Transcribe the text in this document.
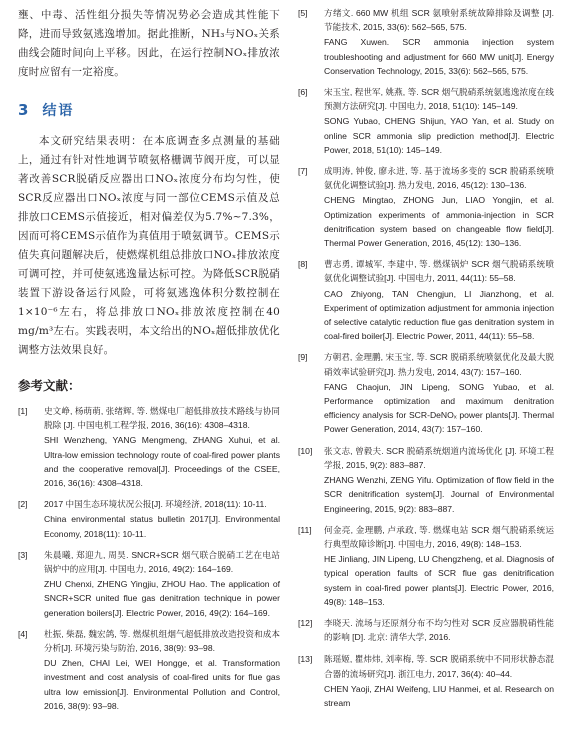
壅、中毒、活性组分损失等情况势必会造成其性能下降，进而导致氨逃逸增加。据此推断，NH₃与NOₓ关系曲线会随时间向上平移。因此，在运行控制NOₓ排放浓度时应留有一定裕度。

3 结语

本文研究结果表明：在本底调查多点测量的基础上，通过有针对性地调节喷氨格栅调节阀开度，可以显著改善SCR脱硝反应器出口NOₓ浓度分布均匀性，使SCR反应器出口NOₓ浓度与同一部位CEMS示值及总排放口CEMS示值接近，相对偏差仅为5.7%~7.3%，因而可将CEMS示值作为真值用于喷氨调节。CEMS示值失真问题解决后，使燃煤机组总排放口NOₓ排放浓度可调可控，并可使氨逃逸量达标可控。为降低SCR脱硝装置下游设备运行风险，可将氨逃逸体积分数控制在1×10⁻⁶左右，将总排放口NOₓ排放浓度控制在40 mg/m³左右。实践表明，本文给出的NOₓ超低排放优化调整方法效果良好。

参考文献：
[1]	史文峥, 杨萌萌, 张绪辉, 等. 燃煤电厂超低排放技术路线与协同脱除 [J]. 中国电机工程学报, 2016, 36(16): 4308–4318.

SHI Wenzheng, YANG Mengmeng, ZHANG Xuhui, et al. Ultra-low emission technology route of coal-fired power plants and the cooperative removal[J]. Proceedings of the CSEE, 2016, 36(16): 4308–4318.

[2]	2017 中国生态环境状况公报[J]. 环境经济, 2018(11): 10-11.

China environmental status bulletin 2017[J]. Environmental Economy, 2018(11): 10-11.

[3]	朱晨曦, 郑迎九, 周昊. SNCR+SCR 烟气联合脱硝工艺在电站锅炉中的应用[J]. 中国电力, 2016, 49(2): 164–169.

ZHU Chenxi, ZHENG Yingjiu, ZHOU Hao. The application of SNCR+SCR united flue gas denitration technique in power generation boilers[J]. Electric Power, 2016, 49(2): 164–169.

[4]	杜振, 柴磊, 魏宏鸽, 等. 燃煤机组烟气超低排放改造投资和成本分析[J]. 环境污染与防治, 2016, 38(9): 93–98.

DU Zhen, CHAI Lei, WEI Hongge, et al. Transformation investment and cost analysis of coal-fired units for flue gas ultra low emission[J]. Environmental Pollution and Control, 2016, 38(9): 93–98.

[5]	方绪文. 660 MW 机组 SCR 氨喷射系统故障排除及调整 [J]. 节能技术, 2015, 33(6): 562–565, 575.

FANG Xuwen. SCR ammonia injection system troubleshooting and adjustment for 660 MW unit[J]. Energy Conservation Technology, 2015, 33(6): 562–565, 575.

[6]	宋玉宝, 程世军, 姚燕, 等. SCR 烟气脱硝系统氨逃逸浓度在线预测方法研究[J]. 中国电力, 2018, 51(10): 145–149.

SONG Yubao, CHENG Shijun, YAO Yan, et al. Study on online SCR ammonia slip prediction method[J]. Electric Power, 2018, 51(10): 145–149.

[7]	成明涛, 钟俊, 廖永进, 等. 基于流场多变的 SCR 脱硝系统喷氨优化调整试验[J]. 热力发电, 2016, 45(12): 130–136.

CHENG Mingtao, ZHONG Jun, LIAO Yongjin, et al. Optimization experiments of ammonia-injection in SCR denitrification system based on changeable flow field[J]. Thermal Power Generation, 2016, 45(12): 130–136.

[8]	曹志勇, 谭城军, 李建中, 等. 燃煤锅炉 SCR 烟气脱硝系统喷氨优化调整试验[J]. 中国电力, 2011, 44(11): 55–58.

CAO Zhiyong, TAN Chengjun, LI Jianzhong, et al. Experiment of optimization adjustment for ammonia injection of selective catalytic reduction flue gas denitration system in coal-fired boiler[J]. Electric Power, 2011, 44(11): 55–58.

[9]	方朝君, 金理鹏, 宋玉宝, 等. SCR 脱硝系统喷氨优化及最大脱硝效率试验研究[J]. 热力发电, 2014, 43(7): 157–160.

FANG Chaojun, JIN Lipeng, SONG Yubao, et al. Performance optimization and maximum denitration efficiency analysis for SCR-DeNOₓ power plants[J]. Thermal Power Generation, 2014, 43(7): 157–160.

[10]	张文志, 曾毅夫. SCR 脱硝系统烟道内流场优化 [J]. 环境工程学报, 2015, 9(2): 883–887.

ZHANG Wenzhi, ZENG Yifu. Optimization of flow field in the SCR denitrification system[J]. Journal of Environmental Engineering, 2015, 9(2): 883–887.

[11]	何金亮, 金理鹏, 卢承政, 等. 燃煤电站 SCR 烟气脱硝系统运行典型故障诊断[J]. 中国电力, 2016, 49(8): 148–153.

HE Jinliang, JIN Lipeng, LU Chengzheng, et al. Diagnosis of typical operation faults of SCR flue gas denitrification system in coal-fired power plants[J]. Electric Power, 2016, 49(8): 148–153.

[12]	李晓天. 流场与还原剂分布不均匀性对 SCR 反应器脱硝性能的影响 [D]. 北京: 清华大学, 2016.

[13]	陈瑶姬, 瞿炜炜, 刘率梅, 等. SCR 脱硝系统中不同形状静态混合器的流场研究[J]. 浙江电力, 2017, 36(4): 40–44.

CHEN Yaoji, ZHAI Weifeng, LIU Hanmei, et al. Research on stream
